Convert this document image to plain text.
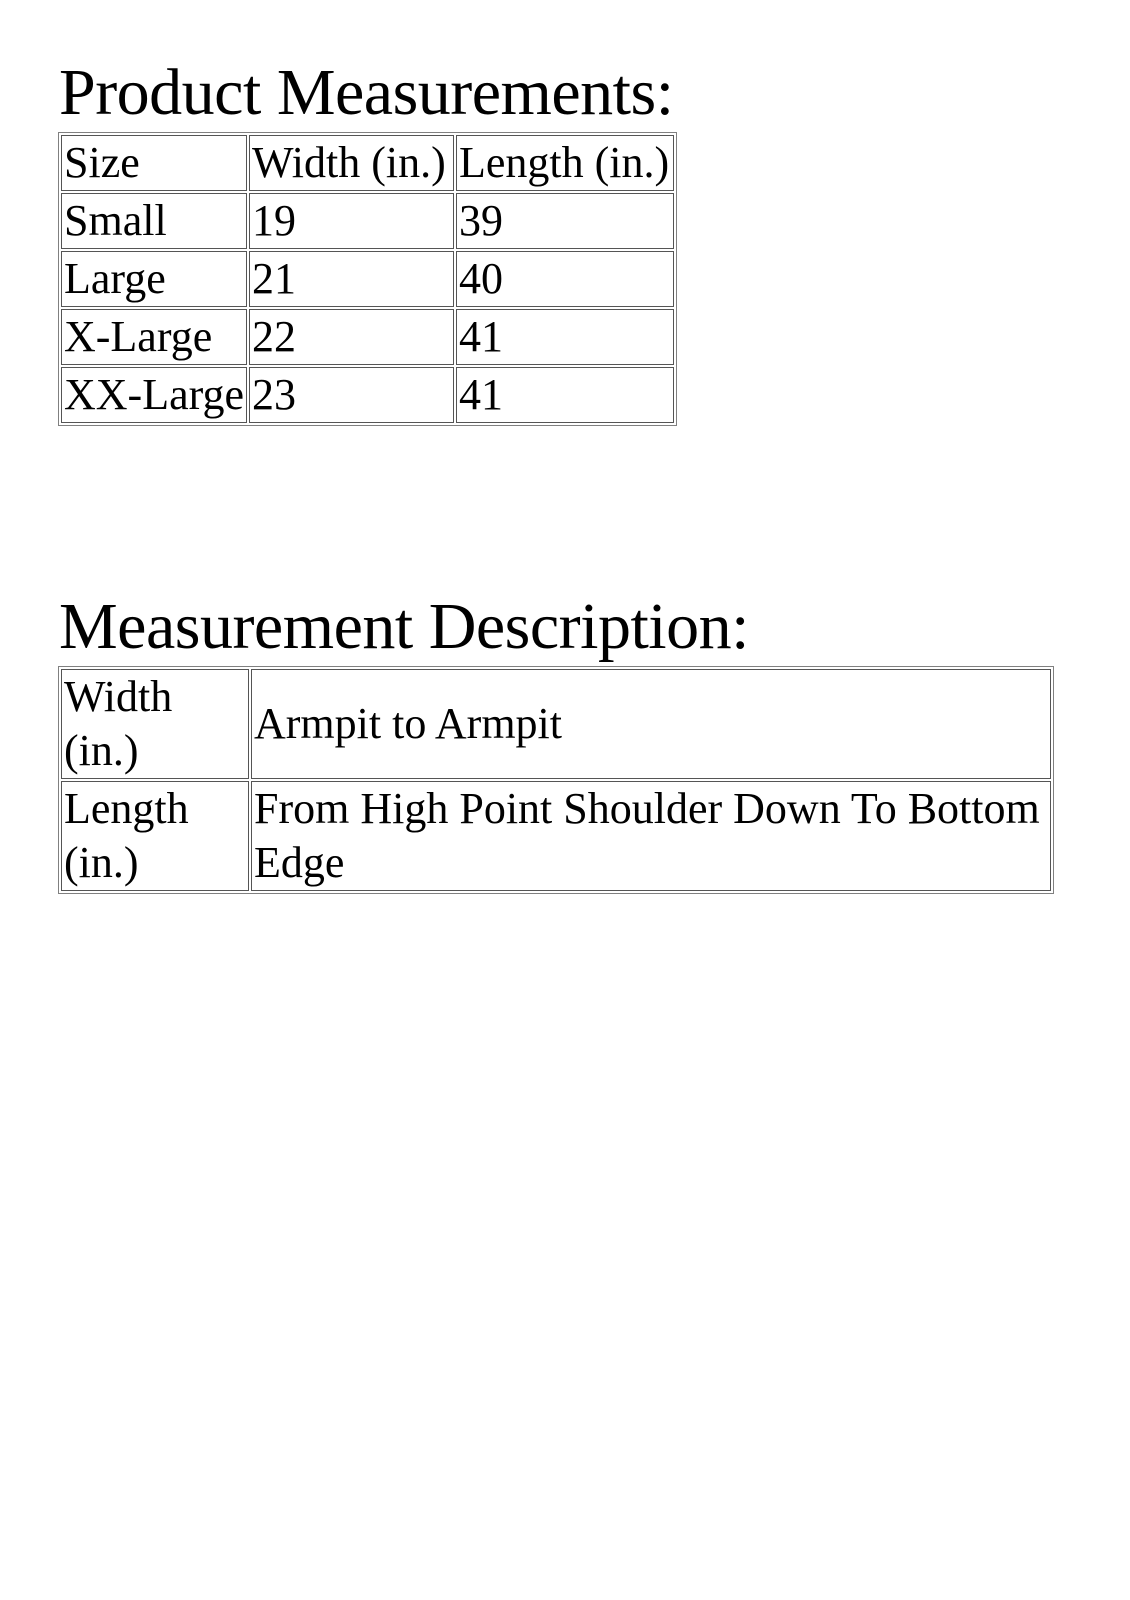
Product Measurements:
Size	Width (in.)	Length (in.)
Small	19	39
Large	21	40
X-Large	22	41
XX-Large	23	41
Measurement Description:
Width (in.)	Armpit to Armpit
Length (in.)	From High Point Shoulder Down To Bottom Edge
